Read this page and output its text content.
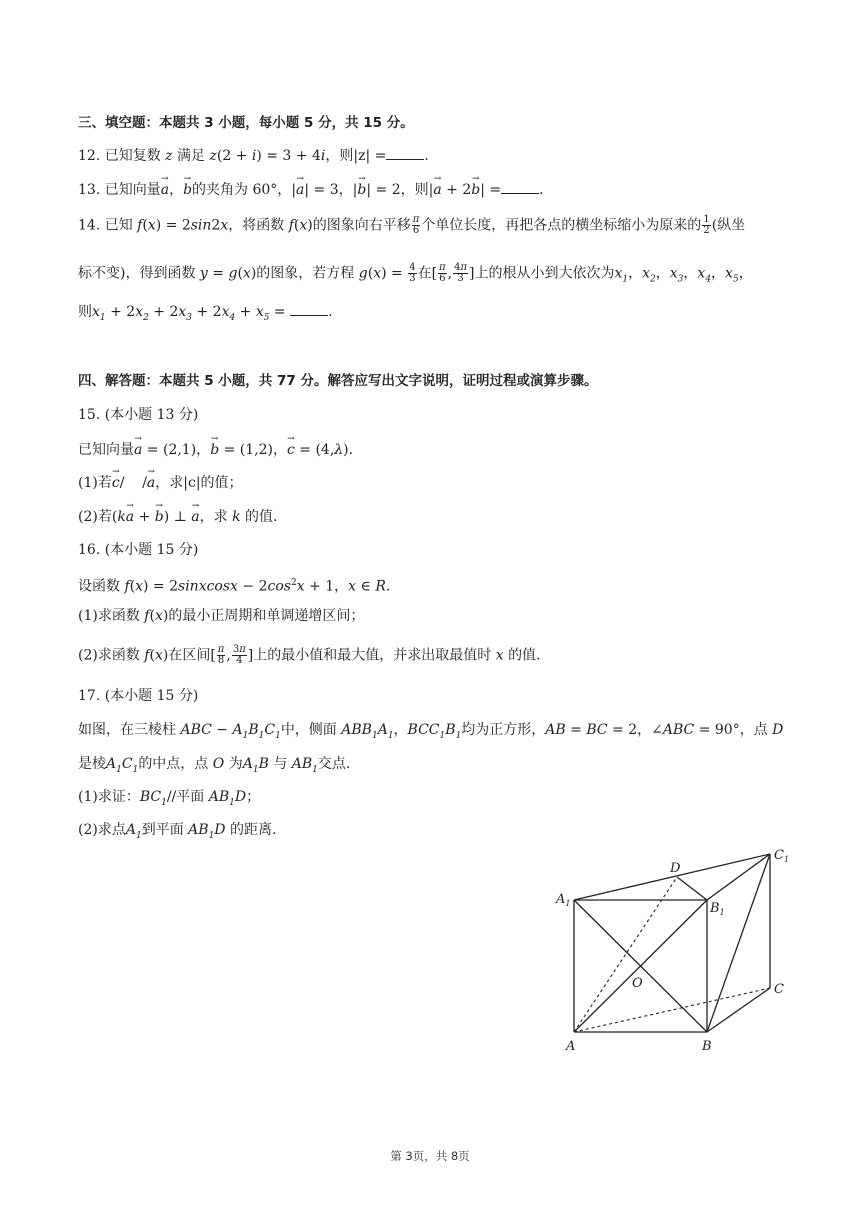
三、填空题：本题共 3 小题，每小题 5 分，共 15 分。
12. 已知复数 z 满足 z(2 + i) = 3 + 4i，则|z| =	.
13. 已知向量→ a，→ b的夹角为 60°，|→ a| = 3，|→ b| = 2，则|→ a + 2→ b| =	.
14. 已知 f(x) = 2sin2x，将函数 f(x)的图象向右平移 $\frac{\pi}{6}$ 个单位长度，再把各点的横坐标缩小为原来的 $\frac{1}{2}$ (纵坐
标不变)，得到函数 y = g(x)的图象，若方程 $g(x) = \frac{4}{3}$ 在[ $\frac{\pi}{6}$ , $\frac{4\pi}{3}$ ]上的根从小到大依次为$x_1$，$x_2$，$x_3$，$x_4$，$x_5$，
则$x_1 + 2x_2 + 2x_3 + 2x_4 + x_5$ =	.
四、解答题：本题共 5 小题，共 77 分。解答应写出文字说明，证明过程或演算步骤。
15. (本小题 13 分)
已知向量→ a = (2,1)，→ b = (1,2)，→ c = (4,λ).
(1)若→ c/    /→ a，求|c|的值；
(2)若(k→ a + → b) ⊥ → a，求 k 的值.
16. (本小题 15 分)
设函数 f(x) = 2sinxcosx − $2\cos^2x + 1$，x ∈ R.
(1)求函数 f(x)的最小正周期和单调递增区间；
(2)求函数 f(x)在区间[ $\frac{\pi}{8}$ , $\frac{3\pi}{4}$ ]上的最小值和最大值，并求出取最值时 x 的值.
17. (本小题 15 分)
如图，在三棱柱 ABC − $A_1B_1C_1$中，侧面 $ABB_1A_1$，$BCC_1B_1$均为正方形，AB = BC = 2，∠ABC = 90°，点 D
是棱$A_1C_1$的中点，点 O 为$A_1B$ 与 $AB_1$交点.
(1)求证：$BC_1//$平面 $AB_1D$；
(2)求点$A_1$到平面 $AB_1D$ 的距离.
$A_1$	$B_1$
$C_1$
D
O
A	B
C
第 3页，共 8页
